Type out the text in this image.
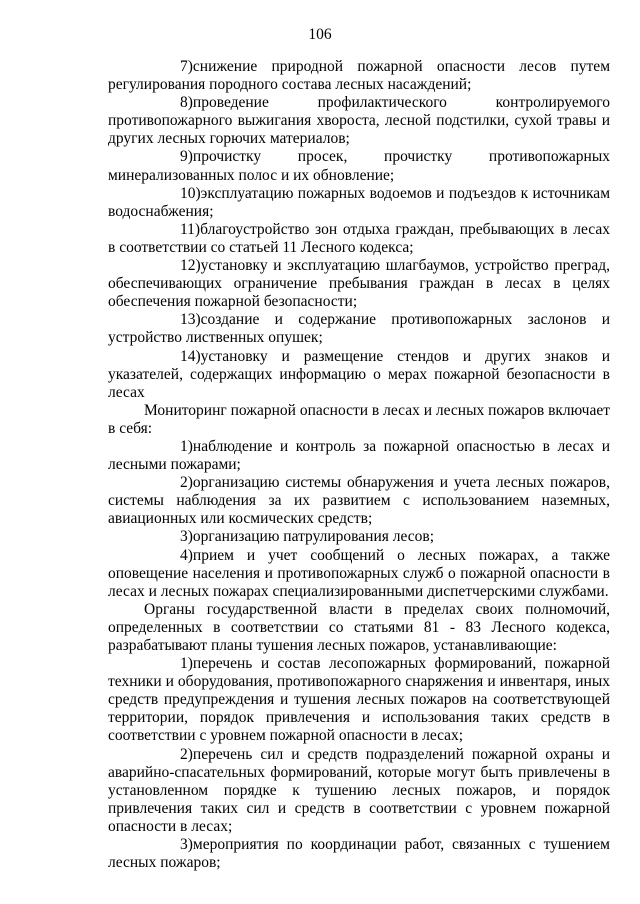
106

7)снижение природной пожарной опасности лесов путем регулирования породного состава лесных насаждений;

8)проведение профилактического контролируемого противопожарного выжигания хвороста, лесной подстилки, сухой травы и других лесных горючих материалов;

9)прочистку просек, прочистку противопожарных минерализованных полос и их обновление;

10)эксплуатацию пожарных водоемов и подъездов к источникам водоснабжения;

11)благоустройство зон отдыха граждан, пребывающих в лесах в соответствии со статьей 11 Лесного кодекса;

12)установку и эксплуатацию шлагбаумов, устройство преград, обеспечивающих ограничение пребывания граждан в лесах в целях обеспечения пожарной безопасности;

13)создание и содержание противопожарных заслонов и устройство лиственных опушек;

14)установку и размещение стендов и других знаков и указателей, содержащих информацию о мерах пожарной безопасности в лесах

Мониторинг пожарной опасности в лесах и лесных пожаров включает в себя:

1)наблюдение и контроль за пожарной опасностью в лесах и лесными пожарами;

2)организацию системы обнаружения и учета лесных пожаров, системы наблюдения за их развитием с использованием наземных, авиационных или космических средств;

3)организацию патрулирования лесов;

4)прием и учет сообщений о лесных пожарах, а также оповещение населения и противопожарных служб о пожарной опасности в лесах и лесных пожарах специализированными диспетчерскими службами.

Органы государственной власти в пределах своих полномочий, определенных в соответствии со статьями 81 - 83 Лесного кодекса, разрабатывают планы тушения лесных пожаров, устанавливающие:

1)перечень и состав лесопожарных формирований, пожарной техники и оборудования, противопожарного снаряжения и инвентаря, иных средств предупреждения и тушения лесных пожаров на соответствующей территории, порядок привлечения и использования таких средств в соответствии с уровнем пожарной опасности в лесах;

2)перечень сил и средств подразделений пожарной охраны и аварийно-спасательных формирований, которые могут быть привлечены в установленном порядке к тушению лесных пожаров, и порядок привлечения таких сил и средств в соответствии с уровнем пожарной опасности в лесах;

3)мероприятия по координации работ, связанных с тушением лесных пожаров;
